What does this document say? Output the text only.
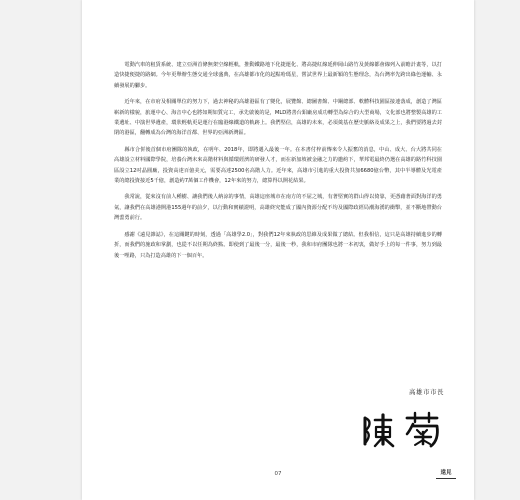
電動汽車的租賃系統、建立亞洲首條無架空線輕軌，推動鐵路地下化捷運化、將高捷紅線延伸岡山路竹及黃線都會線列入前瞻計畫等，以打造快捷便捷的路網。今年更舉辦生態交通全球盛典，在高雄都市化的起點哈瑪星，嘗試世界上最新穎的生態理念，為台灣率先跨出綠色運輸、永續發展的腳步。

近年來，在市府及相關單位的努力下，過去神秘的高雄港區有了變化，展覽館、總圖書館、中鋼總部、軟體科技園區接連落成，創造了灣區嶄新的樣貌，旅運中心、海音中心也將如期如質完工，承先啟後的是，MLD將善台鋁廠房成功轉型為綜合的大型商場，文化部也將整製高雄的工業遺址、中演世界遺產，環狀輕軌更是運行在臨港線鐵道的軌跡上。我們堅信，高雄的未來，必須奠基在歷史脈絡及成果之上，我們要將過去封閉的港區，翻轉成為台灣的海洋首都、世界的亞洲新灣區。

縣市合併後首個市府團隊的執政，在明年、2018年，即將邁入最後一年。在本書付梓前傳來令人振奮的消息，中山、成大、台大將共同在高雄設立材料國際學院，培養台灣未來高階材料與循環經濟的研發人才，而在新加坡被金融之力的邀約下，華邦電最終仍選在高雄的路竹科技園區設立12吋晶圓廠，投資高達百億美元，需要高達2500名高階人力。近年來，高雄市引進的重大投資共加6680億台幣，其中半導體及光電產業的總投資接近5千億，創造約7萬個工作機會，12年來的努力，總算得以開花結果。

我常說，從來沒有前人種樹、讓我們後人納涼的事情，高雄這座城市在南方的不屈之城，有著堅實的群山得以倚靠，更憑藉著面對海洋的勇氣，讓我們在高雄港開港155週年的前夕，以行動和實績證明，高雄終究能成了國內資源分配不均及國際政經局潮海湧的衝擊，並不斷地帶動台灣蕓勇前行。

感謝《遠見雜誌》，在這關鍵的時刻，透過「高雄學2.0」，對我們12年來執政的思維及成果做了總結。但我相信，這只是高雄持續進步的轉折，而我們的施政和掌劃，也從不以任期為終點。即使到了最後一分，最後一秒，我和市府團隊也將一本初衷，做好手上的每一件事，努力到最後一哩路，只為打造高雄的下一個百年。

高雄市市長
07	遠見
